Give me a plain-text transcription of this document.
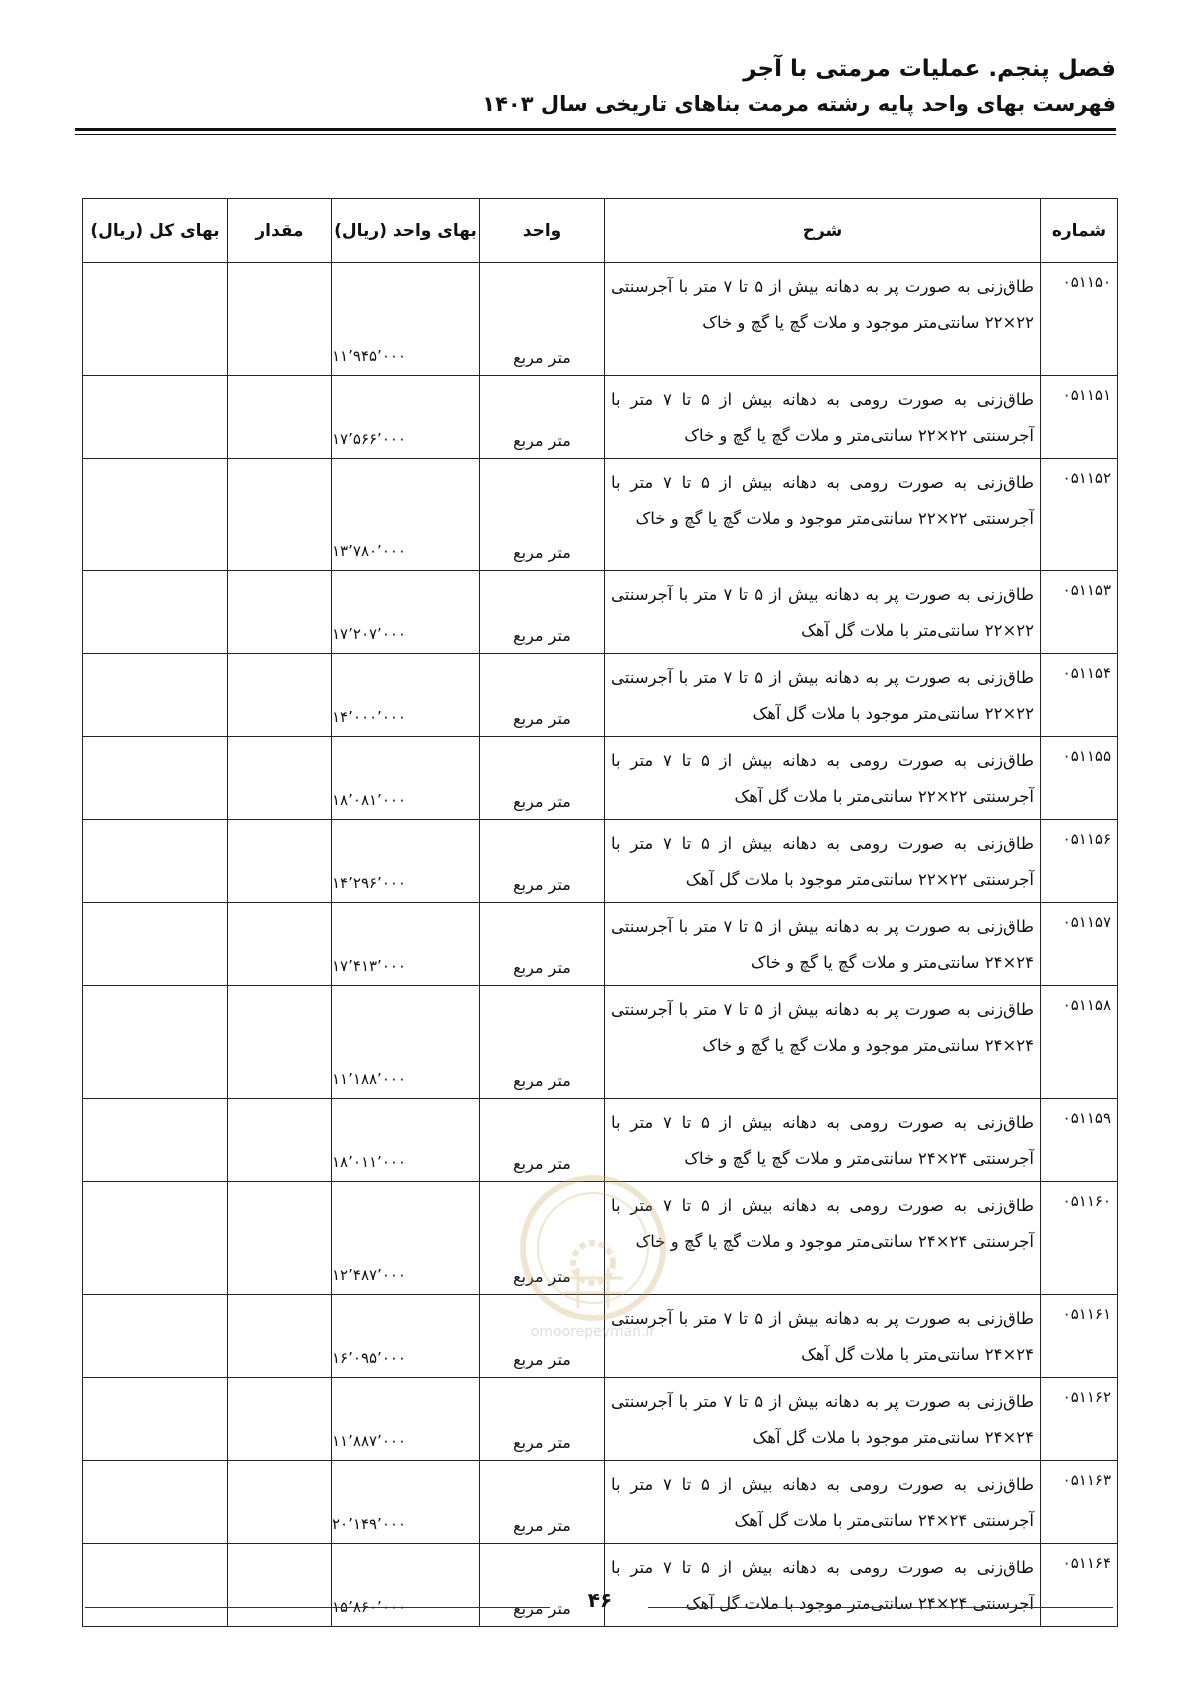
فصل پنجم. عملیات مرمتی با آجر
فهرست بهای واحد پایه رشته مرمت بناهای تاریخی سال ۱۴۰۳
شماره	شرح	واحد	بهای واحد (ریال)	مقدار	بهای کل (ریال)
۰۵۱۱۵۰	طاق‌زنی به صورت پر به دهانه بیش از ۵ تا ۷ متر با آجرسنتی ۲۲×۲۲ سانتی‌متر موجود و ملات گچ یا گچ و خاک	متر مربع	۱۱٬۹۴۵٬۰۰۰		
۰۵۱۱۵۱	طاق‌زنی به صورت رومی به دهانه بیش از ۵ تا ۷ متر با آجرسنتی ۲۲×۲۲ سانتی‌متر و ملات گچ یا گچ و خاک	متر مربع	۱۷٬۵۶۶٬۰۰۰		
۰۵۱۱۵۲	طاق‌زنی به صورت رومی به دهانه بیش از ۵ تا ۷ متر با آجرسنتی ۲۲×۲۲ سانتی‌متر موجود و ملات گچ یا گچ و خاک	متر مربع	۱۳٬۷۸۰٬۰۰۰		
۰۵۱۱۵۳	طاق‌زنی به صورت پر به دهانه بیش از ۵ تا ۷ متر با آجرسنتی ۲۲×۲۲ سانتی‌متر با ملات گل آهک	متر مربع	۱۷٬۲۰۷٬۰۰۰		
۰۵۱۱۵۴	طاق‌زنی به صورت پر به دهانه بیش از ۵ تا ۷ متر با آجرسنتی ۲۲×۲۲ سانتی‌متر موجود با ملات گل آهک	متر مربع	۱۴٬۰۰۰٬۰۰۰		
۰۵۱۱۵۵	طاق‌زنی به صورت رومی به دهانه بیش از ۵ تا ۷ متر با آجرسنتی ۲۲×۲۲ سانتی‌متر با ملات گل آهک	متر مربع	۱۸٬۰۸۱٬۰۰۰		
۰۵۱۱۵۶	طاق‌زنی به صورت رومی به دهانه بیش از ۵ تا ۷ متر با آجرسنتی ۲۲×۲۲ سانتی‌متر موجود با ملات گل آهک	متر مربع	۱۴٬۲۹۶٬۰۰۰		
۰۵۱۱۵۷	طاق‌زنی به صورت پر به دهانه بیش از ۵ تا ۷ متر با آجرسنتی ۲۴×۲۴ سانتی‌متر و ملات گچ یا گچ و خاک	متر مربع	۱۷٬۴۱۳٬۰۰۰		
۰۵۱۱۵۸	طاق‌زنی به صورت پر به دهانه بیش از ۵ تا ۷ متر با آجرسنتی ۲۴×۲۴ سانتی‌متر موجود و ملات گچ یا گچ و خاک	متر مربع	۱۱٬۱۸۸٬۰۰۰		
۰۵۱۱۵۹	طاق‌زنی به صورت رومی به دهانه بیش از ۵ تا ۷ متر با آجرسنتی ۲۴×۲۴ سانتی‌متر و ملات گچ یا گچ و خاک	متر مربع	۱۸٬۰۱۱٬۰۰۰		
۰۵۱۱۶۰	طاق‌زنی به صورت رومی به دهانه بیش از ۵ تا ۷ متر با آجرسنتی ۲۴×۲۴ سانتی‌متر موجود و ملات گچ یا گچ و خاک	متر مربع	۱۲٬۴۸۷٬۰۰۰		
۰۵۱۱۶۱	طاق‌زنی به صورت پر به دهانه بیش از ۵ تا ۷ متر با آجرسنتی ۲۴×۲۴ سانتی‌متر با ملات گل آهک	متر مربع	۱۶٬۰۹۵٬۰۰۰		
۰۵۱۱۶۲	طاق‌زنی به صورت پر به دهانه بیش از ۵ تا ۷ متر با آجرسنتی ۲۴×۲۴ سانتی‌متر موجود با ملات گل آهک	متر مربع	۱۱٬۸۸۷٬۰۰۰		
۰۵۱۱۶۳	طاق‌زنی به صورت رومی به دهانه بیش از ۵ تا ۷ متر با آجرسنتی ۲۴×۲۴ سانتی‌متر با ملات گل آهک	متر مربع	۲۰٬۱۴۹٬۰۰۰		
۰۵۱۱۶۴	طاق‌زنی به صورت رومی به دهانه بیش از ۵ تا ۷ متر با آجرسنتی ۲۴×۲۴ سانتی‌متر موجود با ملات گل آهک	متر مربع	۱۵٬۸۶۰٬۰۰۰		
omoorepeyman.ir
۴۶
